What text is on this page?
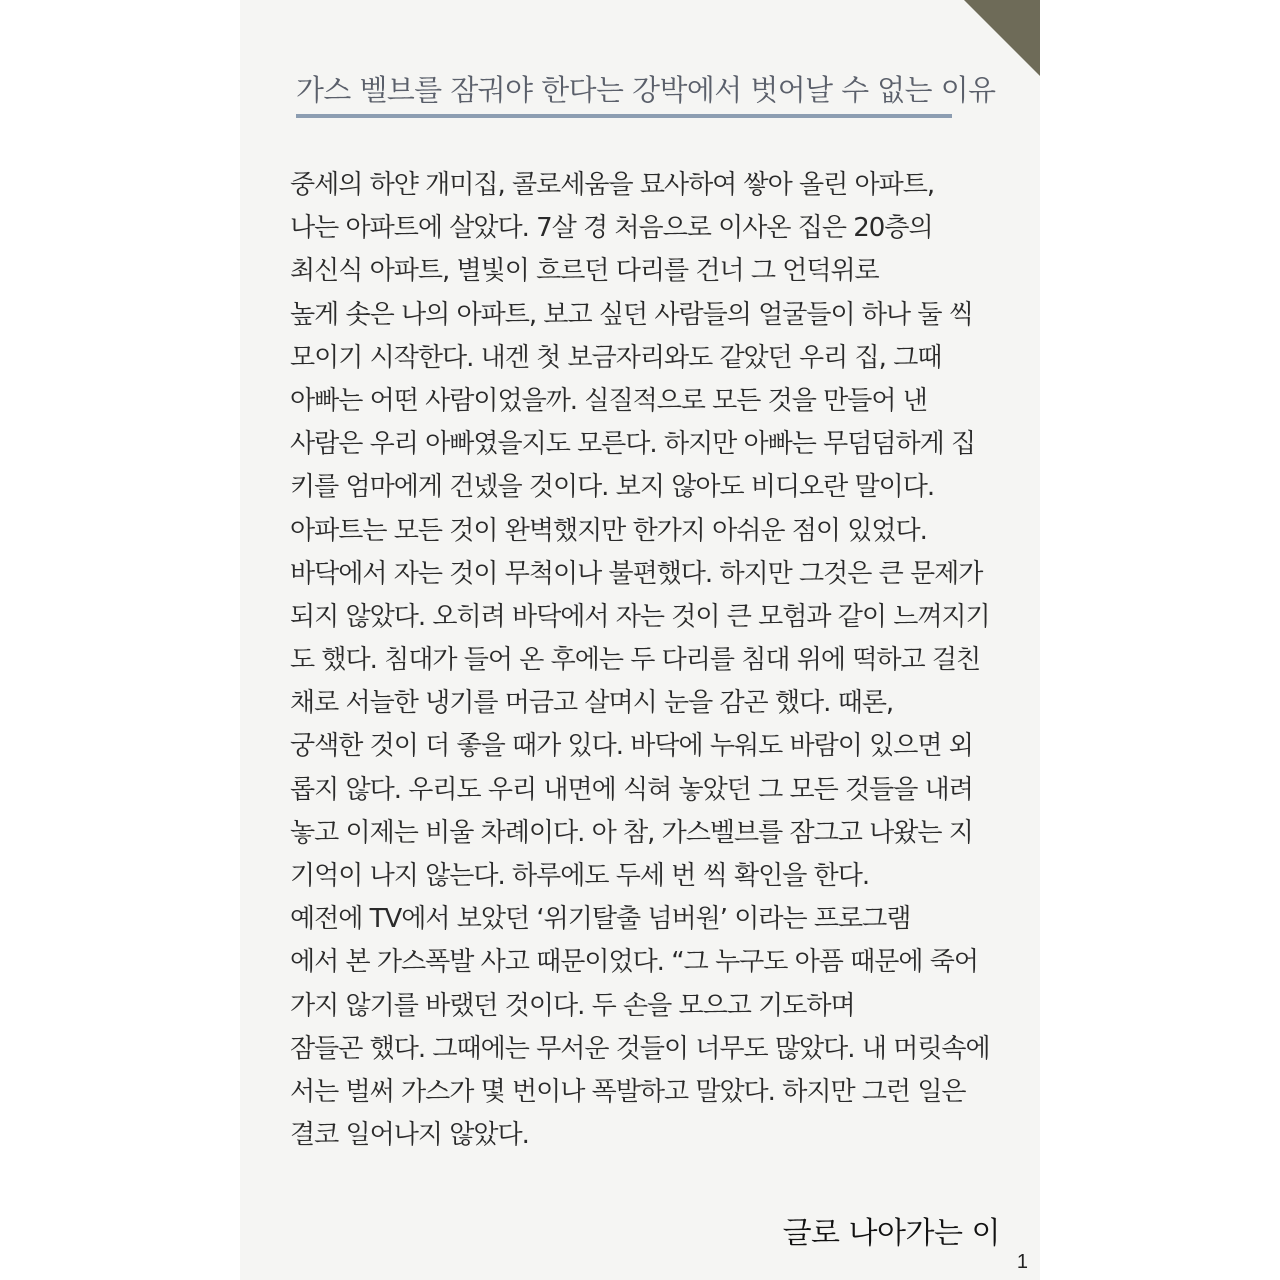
가스 벨브를 잠궈야 한다는 강박에서 벗어날 수 없는 이유
중세의 하얀 개미집, 콜로세움을 묘사하여 쌓아 올린 아파트,
나는 아파트에 살았다. 7살 경 처음으로 이사온 집은 20층의
최신식 아파트, 별빛이 흐르던 다리를 건너 그 언덕위로
높게 솟은 나의 아파트, 보고 싶던 사람들의 얼굴들이 하나 둘 씩
모이기 시작한다. 내겐 첫 보금자리와도 같았던 우리 집, 그때
아빠는 어떤 사람이었을까. 실질적으로 모든 것을 만들어 낸
사람은 우리 아빠였을지도 모른다. 하지만 아빠는 무덤덤하게 집
키를 엄마에게 건넸을 것이다. 보지 않아도 비디오란 말이다.
아파트는 모든 것이 완벽했지만 한가지 아쉬운 점이 있었다.
바닥에서 자는 것이 무척이나 불편했다. 하지만 그것은 큰 문제가
되지 않았다. 오히려 바닥에서 자는 것이 큰 모험과 같이 느껴지기
도 했다. 침대가 들어 온 후에는 두 다리를 침대 위에 떡하고 걸친
채로 서늘한 냉기를 머금고 살며시 눈을 감곤 했다. 때론,
궁색한 것이 더 좋을 때가 있다. 바닥에 누워도 바람이 있으면 외
롭지 않다. 우리도 우리 내면에 식혀 놓았던 그 모든 것들을 내려
놓고 이제는 비울 차례이다. 아 참, 가스벨브를 잠그고 나왔는 지
기억이 나지 않는다. 하루에도 두세 번 씩 확인을 한다.
예전에 TV에서 보았던 ‘위기탈출 넘버원’ 이라는 프로그램
에서 본 가스폭발 사고 때문이었다. “그 누구도 아픔 때문에 죽어
가지 않기를 바랬던 것이다. 두 손을 모으고 기도하며
잠들곤 했다. 그때에는 무서운 것들이 너무도 많았다. 내 머릿속에
서는 벌써 가스가 몇 번이나 폭발하고 말았다. 하지만 그런 일은
결코 일어나지 않았다.
글로 나아가는 이
1
